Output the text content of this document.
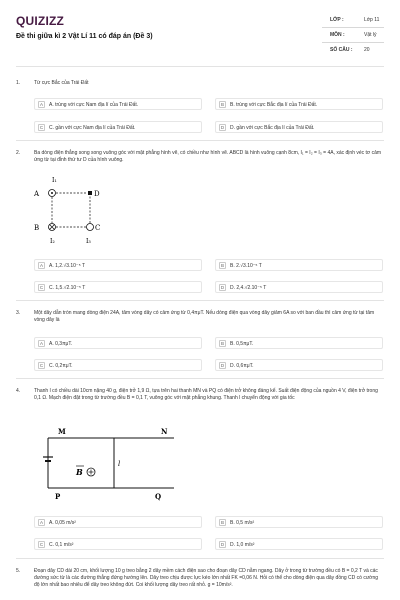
QUIZIZZ
Đề thi giữa kì 2 Vật Lí 11 có đáp án (Đề 3)
LỚP :	Lớp 11
MÔN :	Vật lý
SỐ CÂU : 20
1.	Từ cực Bắc của Trái Đất
A	A. trùng với cực Nam địa lí của Trái Đất.	B	B. trùng với cực Bắc địa lí của Trái Đất.
C	C. gần với cực Nam địa lí của Trái Đất.	D	D. gần với cực Bắc địa lí của Trái Đất.
2.	Ba dòng điện thẳng song song vuông góc với mặt phẳng hình vẽ, có chiều như hình vẽ. ABCD là hình vuông cạnh 8cm, I₁ = I₂ = I₃ = 4A, xác định véc tơ cảm ứng từ tại đỉnh thứ tư D của hình vuông.
I₁
A	D
B	C
I₂	I₃
A	A. 1,2.√3.10⁻⁵ T	B	B. 2.√3.10⁻⁵ T
C	C. 1,5.√2.10⁻⁵ T	D	D. 2,4.√2.10⁻⁵ T
3.	Một dây dẫn tròn mang dòng điện 24A, tâm vòng dây có cảm ứng từ 0,4πμT. Nếu dòng điện qua vòng dây giảm 6A so với ban đầu thì cảm ứng từ tại tâm vòng dây là
A	A. 0,3πμT.	B	B. 0,5πμT.
C	C. 0,2πμT.	D	D. 0,6πμT.
4.	Thanh l có chiều dài 10cm nặng 40 g, điện trở 1,9 Ω, tựa trên hai thanh MN và PQ có điện trở không đáng kể. Suất điện động của nguồn 4 V, điện trở trong 0,1 Ω. Mạch điện đặt trong từ trường đều B = 0,1 T, vuông góc với mặt phẳng khung. Thanh l chuyển động với gia tốc
M	N
l
B
P	Q
A	A. 0,05 m/s²	B	B. 0,5 m/s²
C	C. 0,1 m/s²	D	D. 1,0 m/s²
5.	Đoạn dây CD dài 20 cm, khối lượng 10 g treo bằng 2 dây mềm cách điện sao cho đoạn dây CD nằm ngang. Dây ở trong từ trường đều có B = 0,2 T và các đường sức từ là các đường thẳng đứng hướng lên. Dây treo chịu được lực kéo lớn nhất FK =0,06 N. Hỏi có thể cho dòng điện qua dây đồng CD có cường độ lớn nhất bao nhiêu để dây treo không đứt. Coi khối lượng dây treo rất nhỏ. g = 10m/s².
